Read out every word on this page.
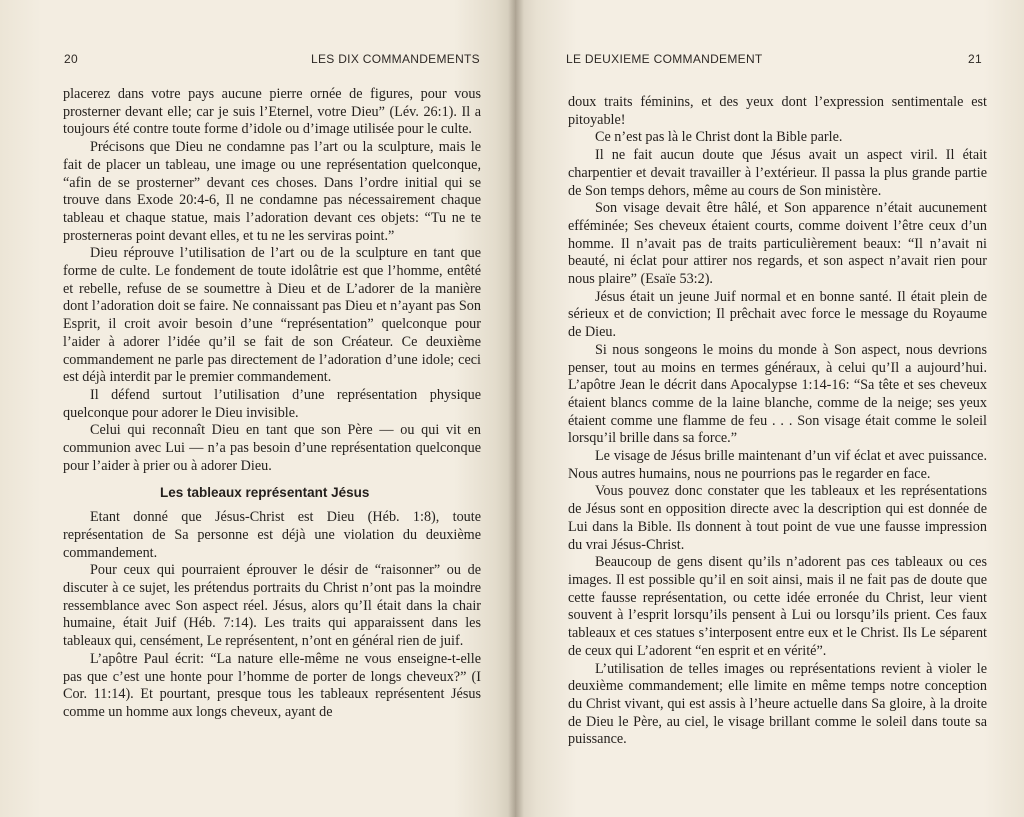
20	LES DIX COMMANDEMENTS

placerez dans votre pays aucune pierre ornée de figures, pour vous prosterner devant elle; car je suis l’Eternel, votre Dieu” (Lév. 26:1). Il a toujours été contre toute forme d’idole ou d’image utilisée pour le culte.

Précisons que Dieu ne condamne pas l’art ou la sculpture, mais le fait de placer un tableau, une image ou une représentation quelconque, “afin de se prosterner” devant ces choses. Dans l’ordre initial qui se trouve dans Exode 20:4-6, Il ne condamne pas nécessairement chaque tableau et chaque statue, mais l’adoration devant ces objets: “Tu ne te prosterneras point devant elles, et tu ne les serviras point.”

Dieu réprouve l’utilisation de l’art ou de la sculpture en tant que forme de culte. Le fondement de toute idolâtrie est que l’homme, entêté et rebelle, refuse de se soumettre à Dieu et de L’adorer de la manière dont l’adoration doit se faire. Ne connaissant pas Dieu et n’ayant pas Son Esprit, il croit avoir besoin d’une “représentation” quelconque pour l’aider à adorer l’idée qu’il se fait de son Créateur. Ce deuxième commandement ne parle pas directement de l’adoration d’une idole; ceci est déjà interdit par le premier commandement.

Il défend surtout l’utilisation d’une représentation physique quelconque pour adorer le Dieu invisible.

Celui qui reconnaît Dieu en tant que son Père — ou qui vit en communion avec Lui — n’a pas besoin d’une représentation quelconque pour l’aider à prier ou à adorer Dieu.

Les tableaux représentant Jésus

Etant donné que Jésus-Christ est Dieu (Héb. 1:8), toute représentation de Sa personne est déjà une violation du deuxième commandement.

Pour ceux qui pourraient éprouver le désir de “raisonner” ou de discuter à ce sujet, les prétendus portraits du Christ n’ont pas la moindre ressemblance avec Son aspect réel. Jésus, alors qu’Il était dans la chair humaine, était Juif (Héb. 7:14). Les traits qui apparaissent dans les tableaux qui, censément, Le représentent, n’ont en général rien de juif.

L’apôtre Paul écrit: “La nature elle-même ne vous enseigne-t-elle pas que c’est une honte pour l’homme de porter de longs cheveux?” (I Cor. 11:14). Et pourtant, presque tous les tableaux représentent Jésus comme un homme aux longs cheveux, ayant de

LE DEUXIEME COMMANDEMENT	21

doux traits féminins, et des yeux dont l’expression sentimentale est pitoyable!

Ce n’est pas là le Christ dont la Bible parle.

Il ne fait aucun doute que Jésus avait un aspect viril. Il était charpentier et devait travailler à l’extérieur. Il passa la plus grande partie de Son temps dehors, même au cours de Son ministère.

Son visage devait être hâlé, et Son apparence n’était aucunement efféminée; Ses cheveux étaient courts, comme doivent l’être ceux d’un homme. Il n’avait pas de traits particulièrement beaux: “Il n’avait ni beauté, ni éclat pour attirer nos regards, et son aspect n’avait rien pour nous plaire” (Esaïe 53:2).

Jésus était un jeune Juif normal et en bonne santé. Il était plein de sérieux et de conviction; Il prêchait avec force le message du Royaume de Dieu.

Si nous songeons le moins du monde à Son aspect, nous devrions penser, tout au moins en termes généraux, à celui qu’Il a aujourd’hui. L’apôtre Jean le décrit dans Apocalypse 1:14-16: “Sa tête et ses cheveux étaient blancs comme de la laine blanche, comme de la neige; ses yeux étaient comme une flamme de feu . . . Son visage était comme le soleil lorsqu’il brille dans sa force.”

Le visage de Jésus brille maintenant d’un vif éclat et avec puissance. Nous autres humains, nous ne pourrions pas le regarder en face.

Vous pouvez donc constater que les tableaux et les représentations de Jésus sont en opposition directe avec la description qui est donnée de Lui dans la Bible. Ils donnent à tout point de vue une fausse impression du vrai Jésus-Christ.

Beaucoup de gens disent qu’ils n’adorent pas ces tableaux ou ces images. Il est possible qu’il en soit ainsi, mais il ne fait pas de doute que cette fausse représentation, ou cette idée erronée du Christ, leur vient souvent à l’esprit lorsqu’ils pensent à Lui ou lorsqu’ils prient. Ces faux tableaux et ces statues s’interposent entre eux et le Christ. Ils Le séparent de ceux qui L’adorent “en esprit et en vérité”.

L’utilisation de telles images ou représentations revient à violer le deuxième commandement; elle limite en même temps notre conception du Christ vivant, qui est assis à l’heure actuelle dans Sa gloire, à la droite de Dieu le Père, au ciel, le visage brillant comme le soleil dans toute sa puissance.
